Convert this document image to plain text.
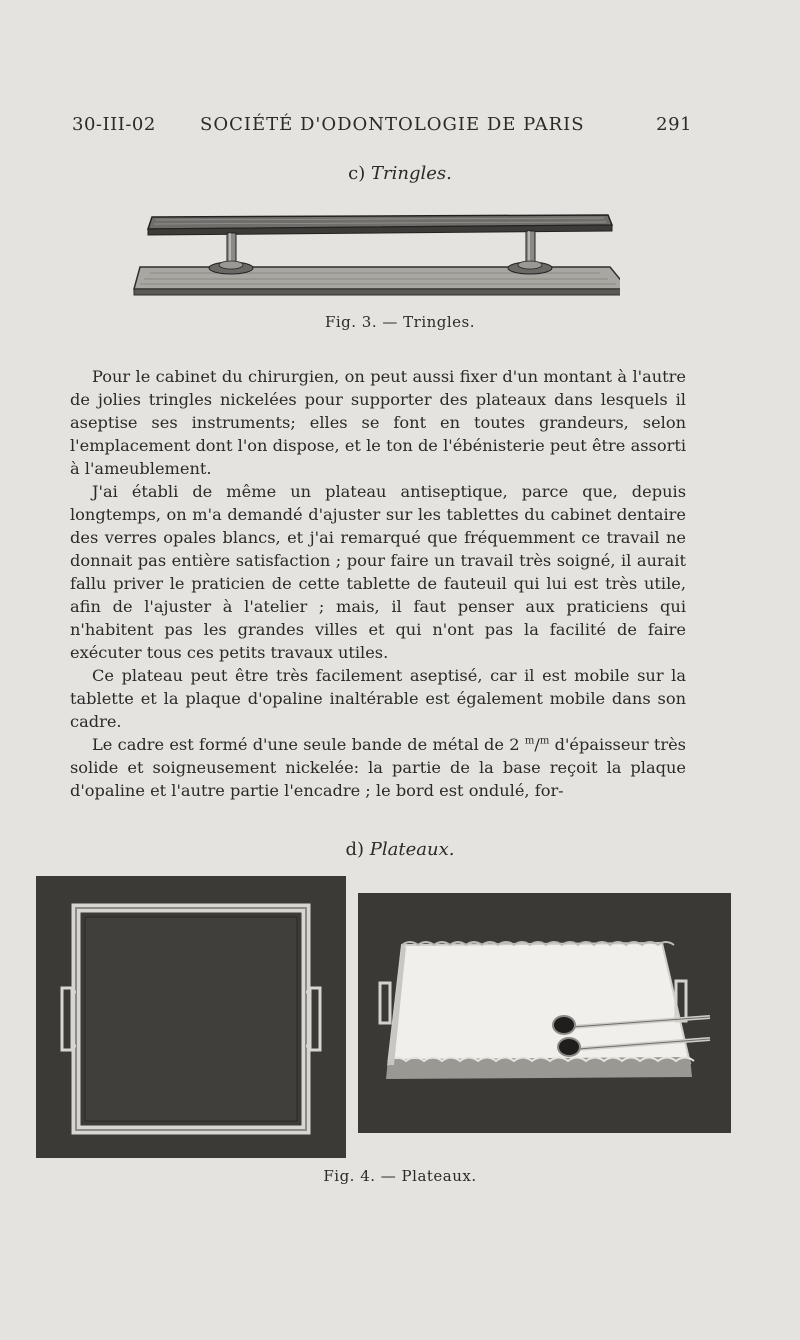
30-III-02 SOCIÉTÉ D'ODONTOLOGIE DE PARIS	291
c) Tringles.
Fig. 3. — Tringles.

Pour le cabinet du chirurgien, on peut aussi fixer d'un montant à l'autre de jolies tringles nickelées pour supporter des plateaux dans lesquels il aseptise ses instruments; elles se font en toutes grandeurs, selon l'emplacement dont l'on dispose, et le ton de l'ébénisterie peut être assorti à l'ameublement.

J'ai établi de même un plateau antiseptique, parce que, depuis longtemps, on m'a demandé d'ajuster sur les tablettes du cabinet dentaire des verres opales blancs, et j'ai remarqué que fréquemment ce travail ne donnait pas entière satisfaction ; pour faire un travail très soigné, il aurait fallu priver le praticien de cette tablette de fauteuil qui lui est très utile, afin de l'ajuster à l'atelier ; mais, il faut penser aux praticiens qui n'habitent pas les grandes villes et qui n'ont pas la facilité de faire exécuter tous ces petits travaux utiles.

Ce plateau peut être très facilement aseptisé, car il est mobile sur la tablette et la plaque d'opaline inaltérable est également mobile dans son cadre.

Le cadre est formé d'une seule bande de métal de 2 $^m$/$^m$ d'épaisseur très solide et soigneusement nickelée: la partie de la base reçoit la plaque d'opaline et l'autre partie l'encadre ; le bord est ondulé, for-

d) Plateaux.
Fig. 4. — Plateaux.
